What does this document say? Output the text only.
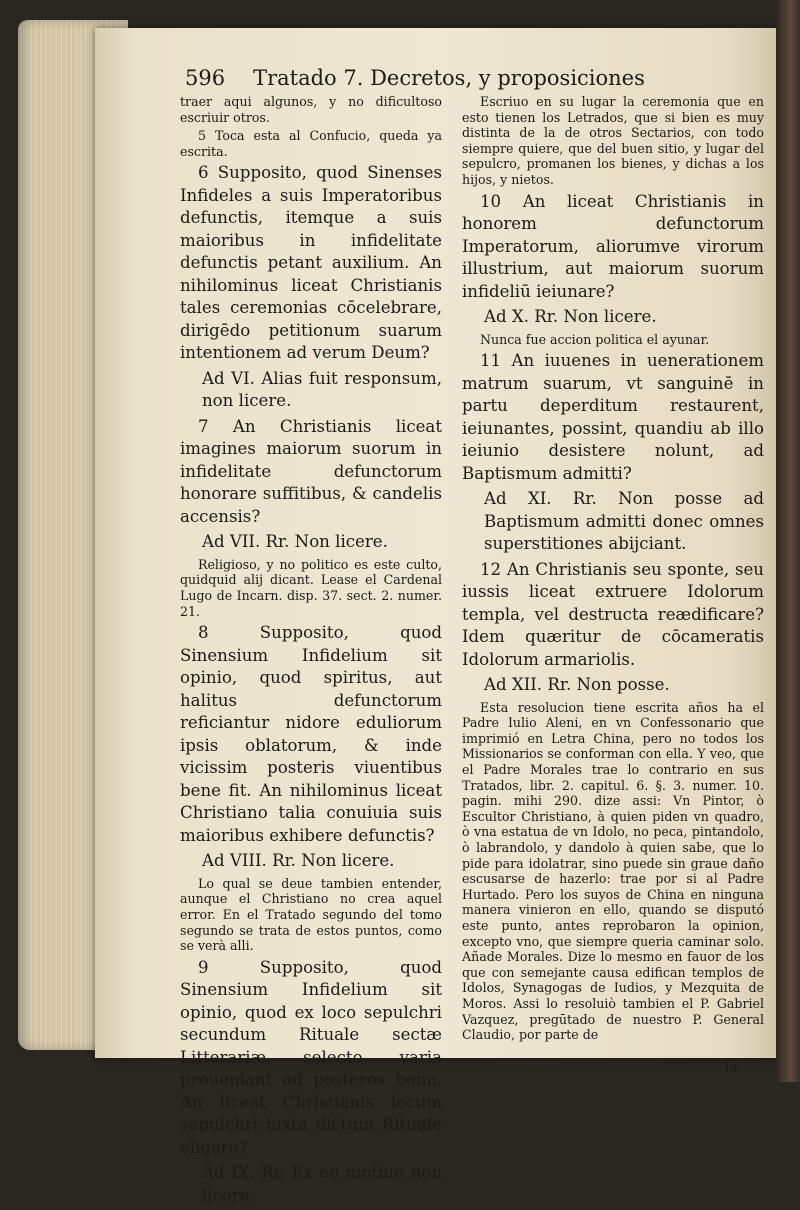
596 Tratado 7. Decretos, y proposiciones

traer aqui algunos, y no dificultoso escriuir otros.

5 Toca esta al Confucio, queda ya escrita.

6 Supposito, quod Sinenses Infideles a suis Imperatoribus defunctis, itemque a suis maioribus in infidelitate defunctis petant auxilium. An nihilominus liceat Christianis tales ceremonias cōcelebrare, dirigēdo petitionum suarum intentionem ad verum Deum?

Ad VI. Alias fuit responsum, non licere.

7 An Christianis liceat imagines maiorum suorum in infidelitate defunctorum honorare suffitibus, & candelis accensis?

Ad VII. Rr. Non licere.

Religioso, y no politico es este culto, quidquid alij dicant. Lease el Cardenal Lugo de Incarn. disp. 37. sect. 2. numer. 21.

8 Supposito, quod Sinensium Infidelium sit opinio, quod spiritus, aut halitus defunctorum reficiantur nidore eduliorum ipsis oblatorum, & inde vicissim posteris viuentibus bene fit. An nihilominus liceat Christiano talia conuiuia suis maioribus exhibere defunctis?

Ad VIII. Rr. Non licere.

Lo qual se deue tambien entender, aunque el Christiano no crea aquel error. En el Tratado segundo del tomo segundo se trata de estos puntos, como se verà alli.

9 Supposito, quod Sinensium Infidelium sit opinio, quod ex loco sepulchri secundum Rituale sectæ Litterariæ, selecto, varia proueniant ad posteros bona. An liceat Christianis locum sepulchri iuxta dictum Rituale eligere?

Ad IX. Rr. Ex eo motiuo non licere.

Escriuo en su lugar la ceremonia que en esto tienen los Letrados, que si bien es muy distinta de la de otros Sectarios, con todo siempre quiere, que del buen sitio, y lugar del sepulcro, promanen los bienes, y dichas a los hijos, y nietos.

10 An liceat Christianis in honorem defunctorum Imperatorum, aliorumve virorum illustrium, aut maiorum suorum infideliū ieiunare?

Ad X. Rr. Non licere.

Nunca fue accion politica el ayunar.

11 An iuuenes in uenerationem matrum suarum, vt sanguinē in partu deperditum restaurent, ieiunantes, possint, quandiu ab illo ieiunio desistere nolunt, ad Baptismum admitti?

Ad XI. Rr. Non posse ad Baptismum admitti donec omnes superstitiones abijciant.

12 An Christianis seu sponte, seu iussis liceat extruere Idolorum templa, vel destructa reædificare? Idem quæritur de cōcameratis Idolorum armariolis.

Ad XII. Rr. Non posse.

Esta resolucion tiene escrita años ha el Padre Iulio Aleni, en vn Confessonario que imprimió en Letra China, pero no todos los Missionarios se conforman con ella. Y veo, que el Padre Morales trae lo contrario en sus Tratados, libr. 2. capitul. 6. §. 3. numer. 10. pagin. mihi 290. dize assi: Vn Pintor, ò Escultor Christiano, à quien piden vn quadro, ò vna estatua de vn Idolo, no peca, pintandolo, ò labrandolo, y dandolo à quien sabe, que lo pide para idolatrar, sino puede sin graue daño escusarse de hazerlo: trae por si al Padre Hurtado. Pero los suyos de China en ninguna manera vinieron en ello, quando se disputó este punto, antes reprobaron la opinion, excepto vno, que siempre queria caminar solo. Añade Morales. Dize lo mesmo en fauor de los que con semejante causa edifican templos de Idolos, Synagogas de Iudios, y Mezquita de Moros. Assi lo resoluiò tambien el P. Gabriel Vazquez, pregūtado de nuestro P. General Claudio, por parte de

la-
